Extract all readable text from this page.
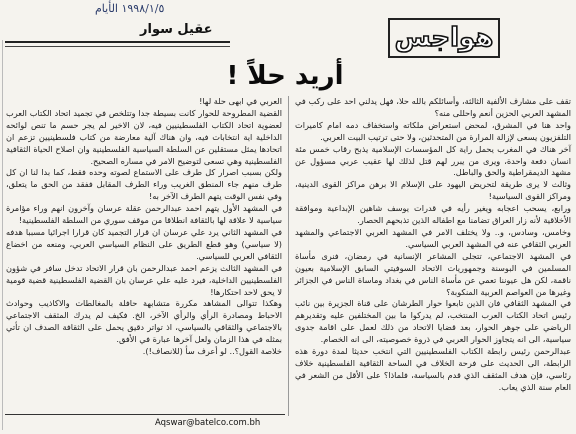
١٩٩٨/١/٥ الأيام
عقيل سوار	هواجس
أريد حلاً !

تقف على مشارف الألفية الثالثة، وأسائلكم بالله حلا، فهل يدلني احد على ركب في المشهد العربي الحزين أنعم واحللى منه؟

واحد هنا في المشرق، لمحض استعراض ملكاته واستخفاف دمه امام كاميرات التلفزيون يسعى لإزالة المرارة من المتحدثين، ولا حتى ترتيب البيت العربي.

آخر هناك في المغرب يحمل راية كل المؤسسات الإسلامية يذبح رقاب خمس مئة انسان دفعة واحدة، ويرى من يبرر لهم قتل لذلك لها عقيب عربي مسؤول عن مشهد الديمقراطية والحق والباطل.

وثالث لا يرى طريقة لتحريض اليهود على الإسلام الا برهن مراكز القوى الدينية، ومراكز القوى السياسية!

ورابع، يسحب اعجابه ويغير رأيه في قدرات يوسف شاهين الإبداعية وموافقة الأخلاقية لأنه زار العراق تضامنا مع اطفاله الذين تذبحهم الحصار.

وخامس، وسادس، و.. ولا يختلف الامر في المشهد العربي الاجتماعي والمشهد العربي الثقافي عنه في المشهد العربي السياسي.

في المشهد الاجتماعي، تتجلى المشاعر الإنسانية في رمضان، فنرى مأساة المسلمين في البوسنة وجمهوريات الاتحاد السوفيتي السابق الإسلامية بعيون ناقمة، لكن هل عيوننا تعمي عن مأساة الناس في بغداد وماساة الناس في الجزائر وغيرها من العواصم العربية المنكوبة؟

في المشهد الثقافي فان الذين تابعوا حوار الطرشان على قناة الجزيرة بين نائب رئيس اتحاد الكتاب العرب المنتخب، لم يدركوا ما بين المختلفين عليه وتقديرهم الرياضي على جوهر الحوار، بعد قضايا الاتحاد من ذلك لعمل على اقامة جدوى سياسية، الى انه يتجاوز الحوار العربي في ذروة خصوصيته، الى انه الخصام.

عبدالرحمن رئيس رابطة الكتاب الفلسطينيين التي انتخب حديثا لمدة دورة هذه الرابطة، الى الحديث على فرحة الخلاف في الساحة الثقافية الفلسطينية خلاف رئاسي، فإن هدف المثقف الذي قدم بالسياسة، فلماذا؟ على الأقل من الشعر في العام سنة الذي يعاب.

العربي في ابهى حلة لها!

القضية المطروحة للحوار كانت بسيطة جدا وتتلخص في تجميد اتحاد الكتاب العرب لعضوية اتحاد الكتاب الفلسطينيين فيه، لان الاخير لم يجر حسم ما تنص لوائحه الداخلية اية انتخابات فيه، وان هناك آلية معارضة من كتاب فلسطينيين تزعم ان اتحادها يمثل مستقلين عن السلطة السياسية الفلسطينية وان اصلاح الحياة الثقافية الفلسطينية وهي تسعى لتوضيح الامر في مساره الصحيح.

ولكن بسبب اصرار كل طرف على الاستماع لصوته وحده فقط، كما بدا لنا ان كل طرف منهم جاء المنطق الغريب وراء الطرف المقابل ففقد من الحق ما يتعلق، وفي نفس الوقت يتهم الطرف الآخر به!

في المشهد الأول يتهم احمد عبدالرحمن عقلة عرسان وآخرون انهم وراء مؤامرة سياسية لا علاقة لها بالثقافة انطلاقا من موقف سوري من السلطة الفلسطينية!

في المشهد الثاني يرد علي عرسان ان قرار التجميد كان قرارا اجرائيا مسببا هدفه (لا سياسي) وهو قطع الطريق على النظام السياسي العربي، ومنعه من اخضاع الثقافي العربي للسياسي.

في المشهد الثالث يزعم احمد عبدالرحمن بان قرار الاتحاد تدخل سافر في شؤون الفلسطينيين الداخلية، فيرد عليه علي عرسان بان القضية الفلسطينية قضية قومية لا يحق لاحد احتكارها!

وهكذا تتوالى المشاهد مكررة متشابهة حافلة بالمغالطات والاكاذيب وحوادث الاحباط ومصادرة الرأي والرأي الآخر، الخ. فكيف لم يدرك المثقف الاجتماعي بالاجتماعي والثقافي بالسياسي، اذ تواتر دقيق يحمل على الثقافة الصدف ان تأتي بمثله في هذا الزمان ولعل آخرها عبارة في الأفق.

خلاصة القول؟.. لو أعرف سأ (للانصاف!).

Aqswar@batelco.com.bh
